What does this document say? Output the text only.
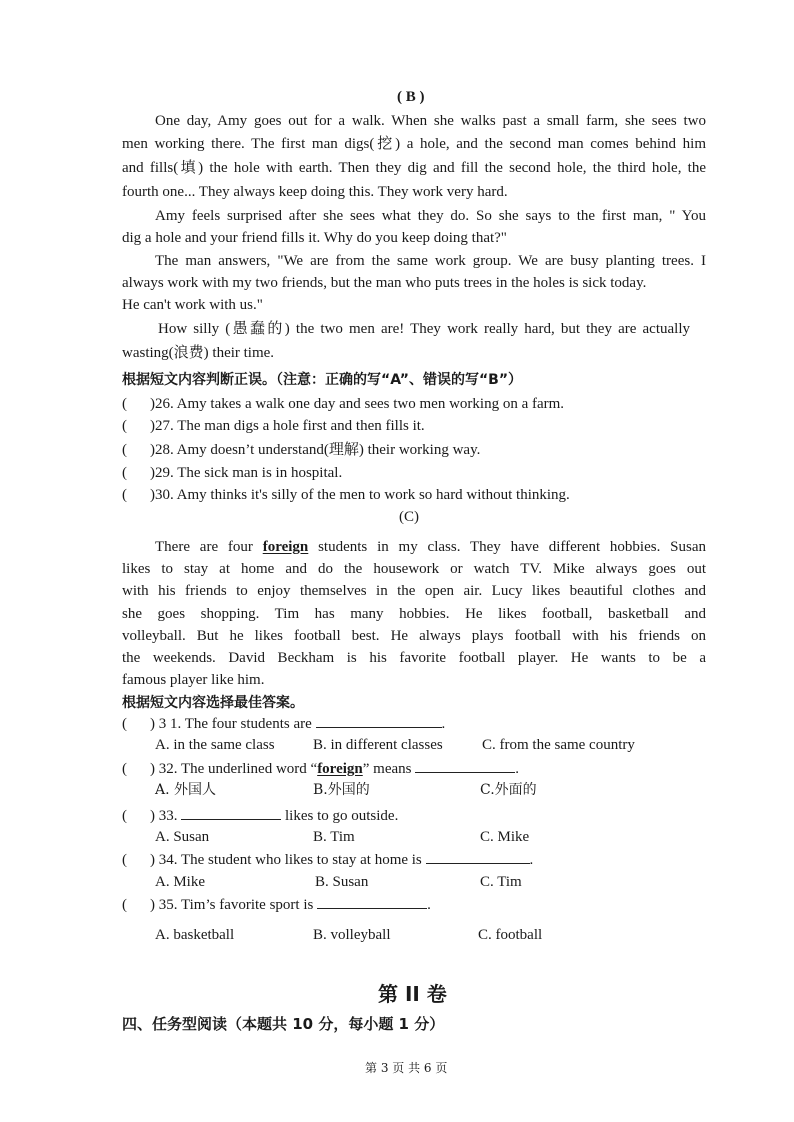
( B )
One day, Amy goes out for a walk. When she walks past a small farm, she sees two
men working there. The first man digs(挖) a hole, and the second man comes behind him
and fills(填) the hole with earth. Then they dig and fill the second hole, the third hole, the
fourth one... They always keep doing this. They work very hard.
Amy feels surprised after she sees what they do. So she says to the first man, " You
dig a hole and your friend fills it. Why do you keep doing that?"
The man answers, "We are from the same work group. We are busy planting trees. I
always work with my two friends, but the man who puts trees in the holes is sick today.
He can't work with us."
How silly (愚蠢的) the two men are! They work really hard, but they are actually
wasting(浪费) their time.
根据短文内容判断正误。（注意：正确的写“A”、错误的写“B”）
( )26. Amy takes a walk one day and sees two men working on a farm.
( )27. The man digs a hole first and then fills it.
( )28. Amy doesn’t understand(理解) their working way.
( )29. The sick man is in hospital.
( )30. Amy thinks it's silly of the men to work so hard without thinking.
(C)
There are four foreign students in my class. They have different hobbies. Susan
likes to stay at home and do the housework or watch TV. Mike always goes out
with his friends to enjoy themselves in the open air. Lucy likes beautiful clothes and
she goes shopping. Tim has many hobbies. He likes football, basketball and
volleyball. But he likes football best. He always plays football with his friends on
the weekends. David Beckham is his favorite football player. He wants to be a
famous player like him.
根据短文内容选择最佳答案。
( ) 3 1. The four students are	.
A. in the same class	B. in different classes	C. from the same country
( ) 32. The underlined word “foreign” means	.
A. 外国人	B.外国的	C.外面的
( ) 33.	likes to go outside.
A. Susan	B. Tim	C. Mike
( ) 34. The student who likes to stay at home is	.
A. Mike	B. Susan	C. Tim
( ) 35. Tim’s favorite sport is	.
A. basketball	B. volleyball	C. football
第 II 卷
四、任务型阅读（本题共 10 分，每小题 1 分）
第 3 页 共 6 页
